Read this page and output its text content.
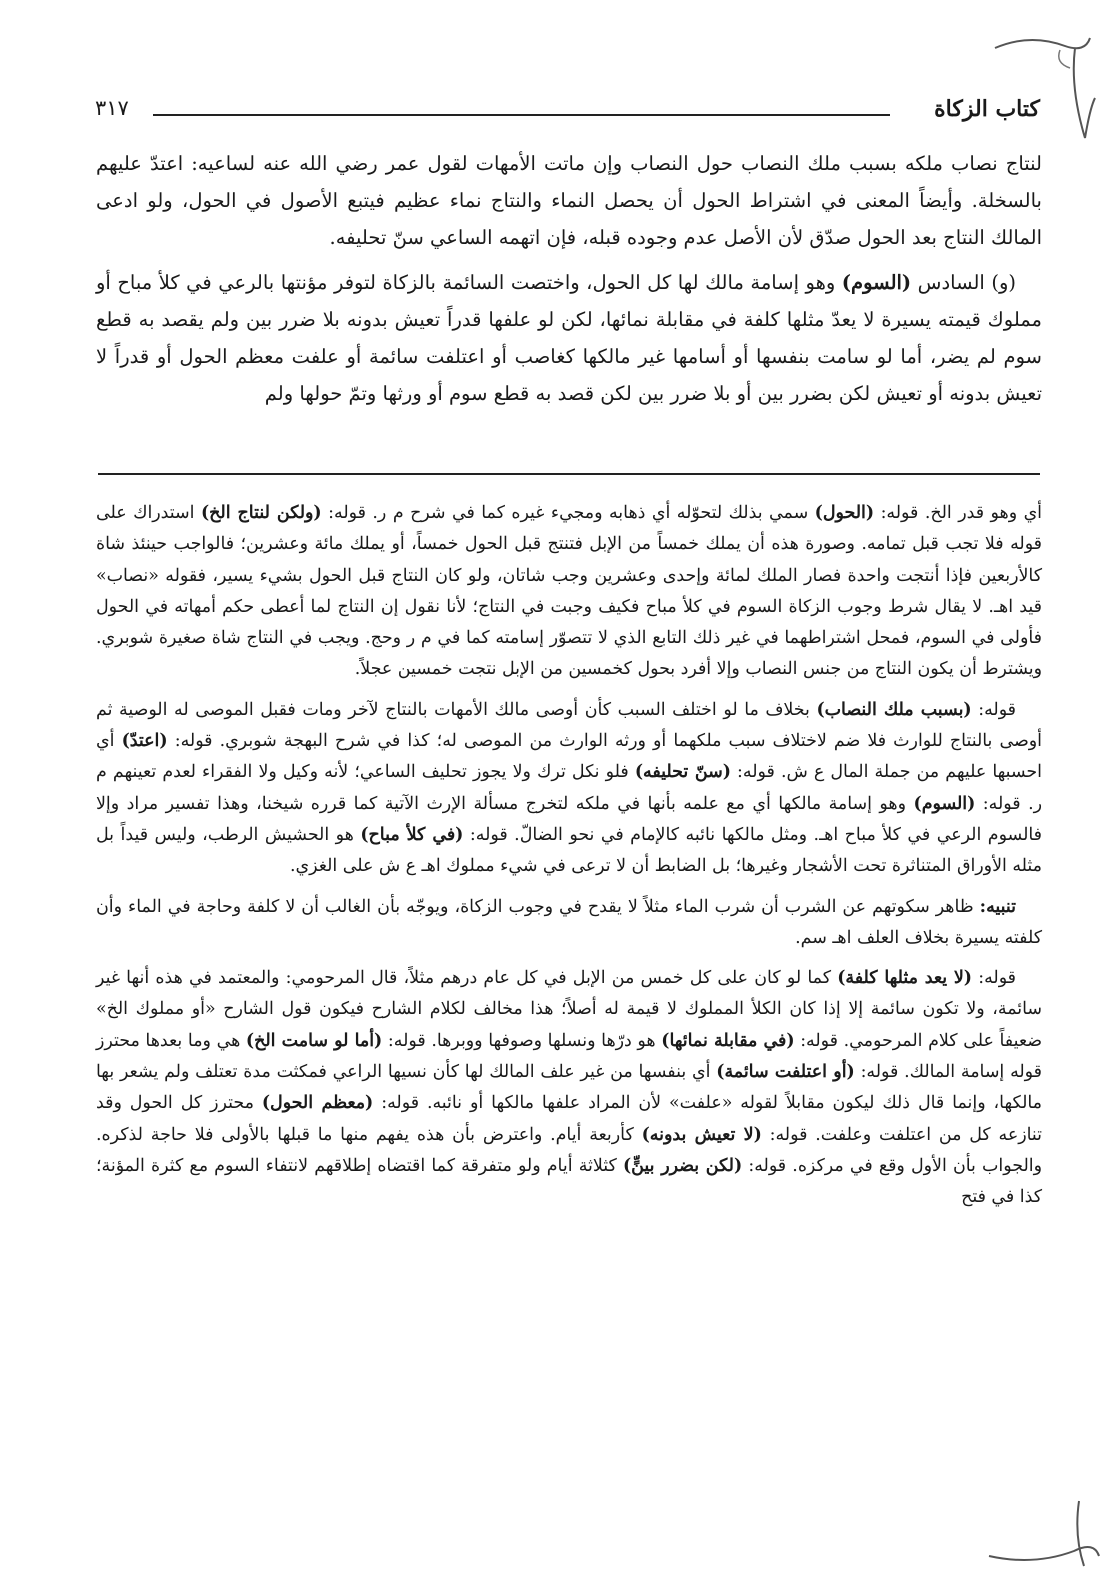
كتاب الزكاة
٣١٧

لنتاج نصاب ملكه بسبب ملك النصاب حول النصاب وإن ماتت الأمهات لقول عمر رضي الله عنه لساعيه: اعتدّ عليهم بالسخلة. وأيضاً المعنى في اشتراط الحول أن يحصل النماء والنتاج نماء عظيم فيتبع الأصول في الحول، ولو ادعى المالك النتاج بعد الحول صدّق لأن الأصل عدم وجوده قبله، فإن اتهمه الساعي سنّ تحليفه.

(و) السادس (السوم) وهو إسامة مالك لها كل الحول، واختصت السائمة بالزكاة لتوفر مؤنتها بالرعي في كلأ مباح أو مملوك قيمته يسيرة لا يعدّ مثلها كلفة في مقابلة نمائها، لكن لو علفها قدراً تعيش بدونه بلا ضرر بين ولم يقصد به قطع سوم لم يضر، أما لو سامت بنفسها أو أسامها غير مالكها كغاصب أو اعتلفت سائمة أو علفت معظم الحول أو قدراً لا تعيش بدونه أو تعيش لكن بضرر بين أو بلا ضرر بين لكن قصد به قطع سوم أو ورثها وتمّ حولها ولم

أي وهو قدر الخ. قوله: (الحول) سمي بذلك لتحوّله أي ذهابه ومجيء غيره كما في شرح م ر. قوله: (ولكن لنتاج الخ) استدراك على قوله فلا تجب قبل تمامه. وصورة هذه أن يملك خمساً من الإبل فتنتج قبل الحول خمساً، أو يملك مائة وعشرين؛ فالواجب حينئذ شاة كالأربعين فإذا أنتجت واحدة فصار الملك لمائة وإحدى وعشرين وجب شاتان، ولو كان النتاج قبل الحول بشيء يسير، فقوله «نصاب» قيد اهـ. لا يقال شرط وجوب الزكاة السوم في كلأ مباح فكيف وجبت في النتاج؛ لأنا نقول إن النتاج لما أعطى حكم أمهاته في الحول فأولى في السوم، فمحل اشتراطهما في غير ذلك التابع الذي لا تتصوّر إسامته كما في م ر وحج. ويجب في النتاج شاة صغيرة شوبري. ويشترط أن يكون النتاج من جنس النصاب وإلا أفرد بحول كخمسين من الإبل نتجت خمسين عجلاً.

قوله: (بسبب ملك النصاب) بخلاف ما لو اختلف السبب كأن أوصى مالك الأمهات بالنتاج لآخر ومات فقبل الموصى له الوصية ثم أوصى بالنتاج للوارث فلا ضم لاختلاف سبب ملكهما أو ورثه الوارث من الموصى له؛ كذا في شرح البهجة شوبري. قوله: (اعتدّ) أي احسبها عليهم من جملة المال ع ش. قوله: (سنّ تحليفه) فلو نكل ترك ولا يجوز تحليف الساعي؛ لأنه وكيل ولا الفقراء لعدم تعينهم م ر. قوله: (السوم) وهو إسامة مالكها أي مع علمه بأنها في ملكه لتخرج مسألة الإرث الآتية كما قرره شيخنا، وهذا تفسير مراد وإلا فالسوم الرعي في كلأ مباح اهـ. ومثل مالكها نائبه كالإمام في نحو الضالّ. قوله: (في كلأ مباح) هو الحشيش الرطب، وليس قيداً بل مثله الأوراق المتناثرة تحت الأشجار وغيرها؛ بل الضابط أن لا ترعى في شيء مملوك اهـ ع ش على الغزي.

تنبيه: ظاهر سكوتهم عن الشرب أن شرب الماء مثلاً لا يقدح في وجوب الزكاة، ويوجّه بأن الغالب أن لا كلفة وحاجة في الماء وأن كلفته يسيرة بخلاف العلف اهـ سم.

قوله: (لا يعد مثلها كلفة) كما لو كان على كل خمس من الإبل في كل عام درهم مثلاً، قال المرحومي: والمعتمد في هذه أنها غير سائمة، ولا تكون سائمة إلا إذا كان الكلأ المملوك لا قيمة له أصلاً؛ هذا مخالف لكلام الشارح فيكون قول الشارح «أو مملوك الخ» ضعيفاً على كلام المرحومي. قوله: (في مقابلة نمائها) هو درّها ونسلها وصوفها ووبرها. قوله: (أما لو سامت الخ) هي وما بعدها محترز قوله إسامة المالك. قوله: (أو اعتلفت سائمة) أي بنفسها من غير علف المالك لها كأن نسيها الراعي فمكثت مدة تعتلف ولم يشعر بها مالكها، وإنما قال ذلك ليكون مقابلاً لقوله «علفت» لأن المراد علفها مالكها أو نائبه. قوله: (معظم الحول) محترز كل الحول وقد تنازعه كل من اعتلفت وعلفت. قوله: (لا تعيش بدونه) كأربعة أيام. واعترض بأن هذه يفهم منها ما قبلها بالأولى فلا حاجة لذكره. والجواب بأن الأول وقع في مركزه. قوله: (لكن بضرر بينٍّ) كثلاثة أيام ولو متفرقة كما اقتضاه إطلاقهم لانتفاء السوم مع كثرة المؤنة؛ كذا في فتح
